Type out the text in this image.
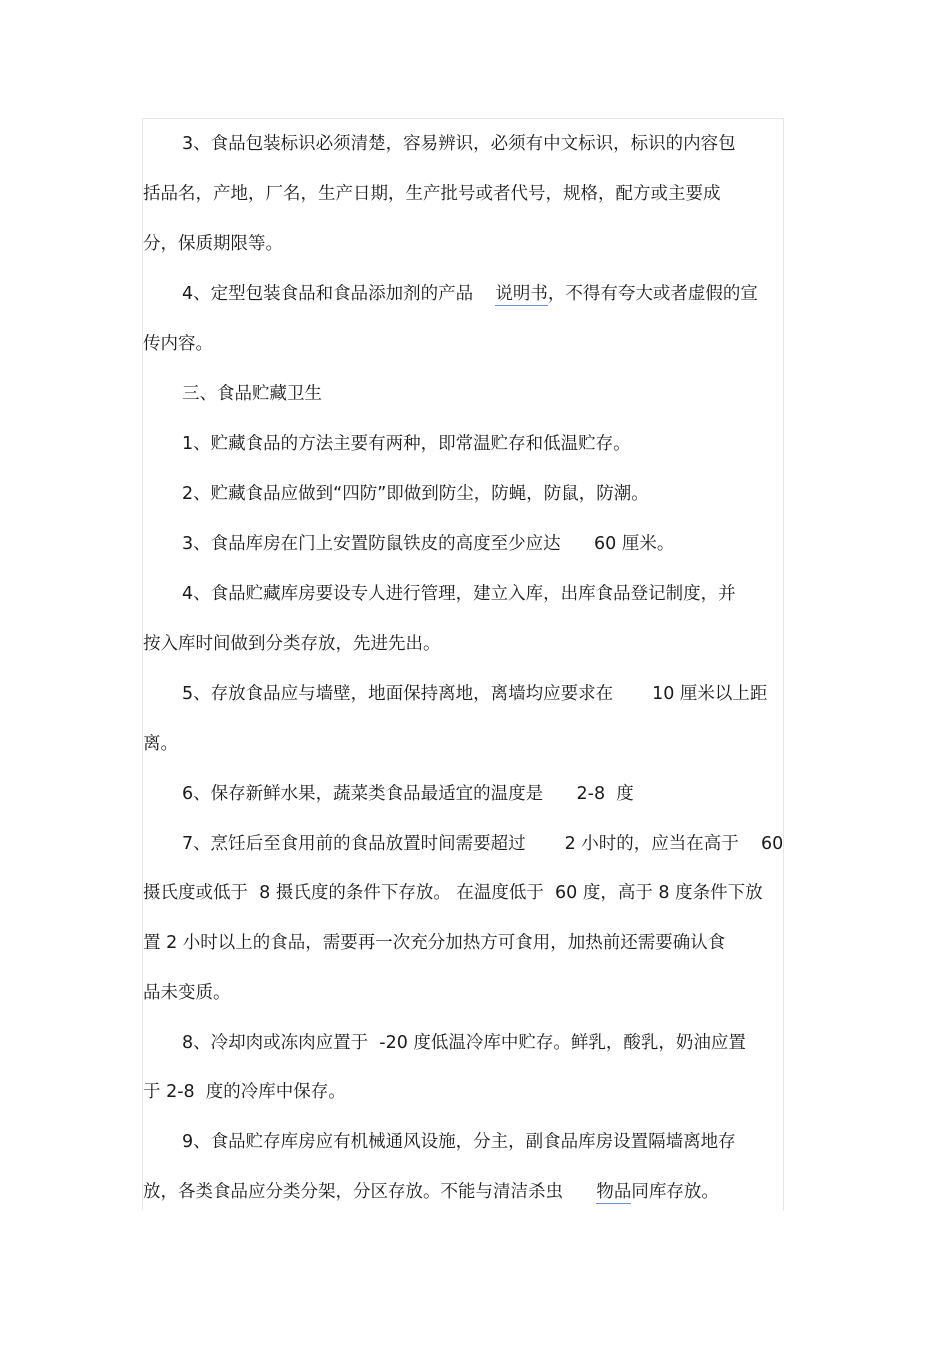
3、食品包装标识必须清楚，容易辨识，必须有中文标识，标识的内容包
括品名，产地，厂名，生产日期，生产批号或者代号，规格，配方或主要成
分，保质期限等。
4、定型包装食品和食品添加剂的产品    说明书，不得有夸大或者虚假的宣
传内容。
三、食品贮藏卫生
1、贮藏食品的方法主要有两种，即常温贮存和低温贮存。
2、贮藏食品应做到“四防”即做到防尘，防蝇，防鼠，防潮。
3、食品库房在门上安置防鼠铁皮的高度至少应达      60 厘米。
4、食品贮藏库房要设专人进行管理，建立入库，出库食品登记制度，并
按入库时间做到分类存放，先进先出。
5、存放食品应与墙壁，地面保持离地，离墙均应要求在       10 厘米以上距
离。
6、保存新鲜水果，蔬菜类食品最适宜的温度是      2-8  度
7、烹饪后至食用前的食品放置时间需要超过       2 小时的，应当在高于    60
摄氏度或低于  8 摄氏度的条件下存放。 在温度低于  60 度，高于 8 度条件下放
置 2 小时以上的食品，需要再一次充分加热方可食用，加热前还需要确认食
品未变质。
8、冷却肉或冻肉应置于  -20 度低温冷库中贮存。鲜乳，酸乳，奶油应置
于 2-8  度的冷库中保存。
9、食品贮存库房应有机械通风设施，分主，副食品库房设置隔墙离地存
放，各类食品应分类分架，分区存放。不能与清洁杀虫      物品同库存放。
